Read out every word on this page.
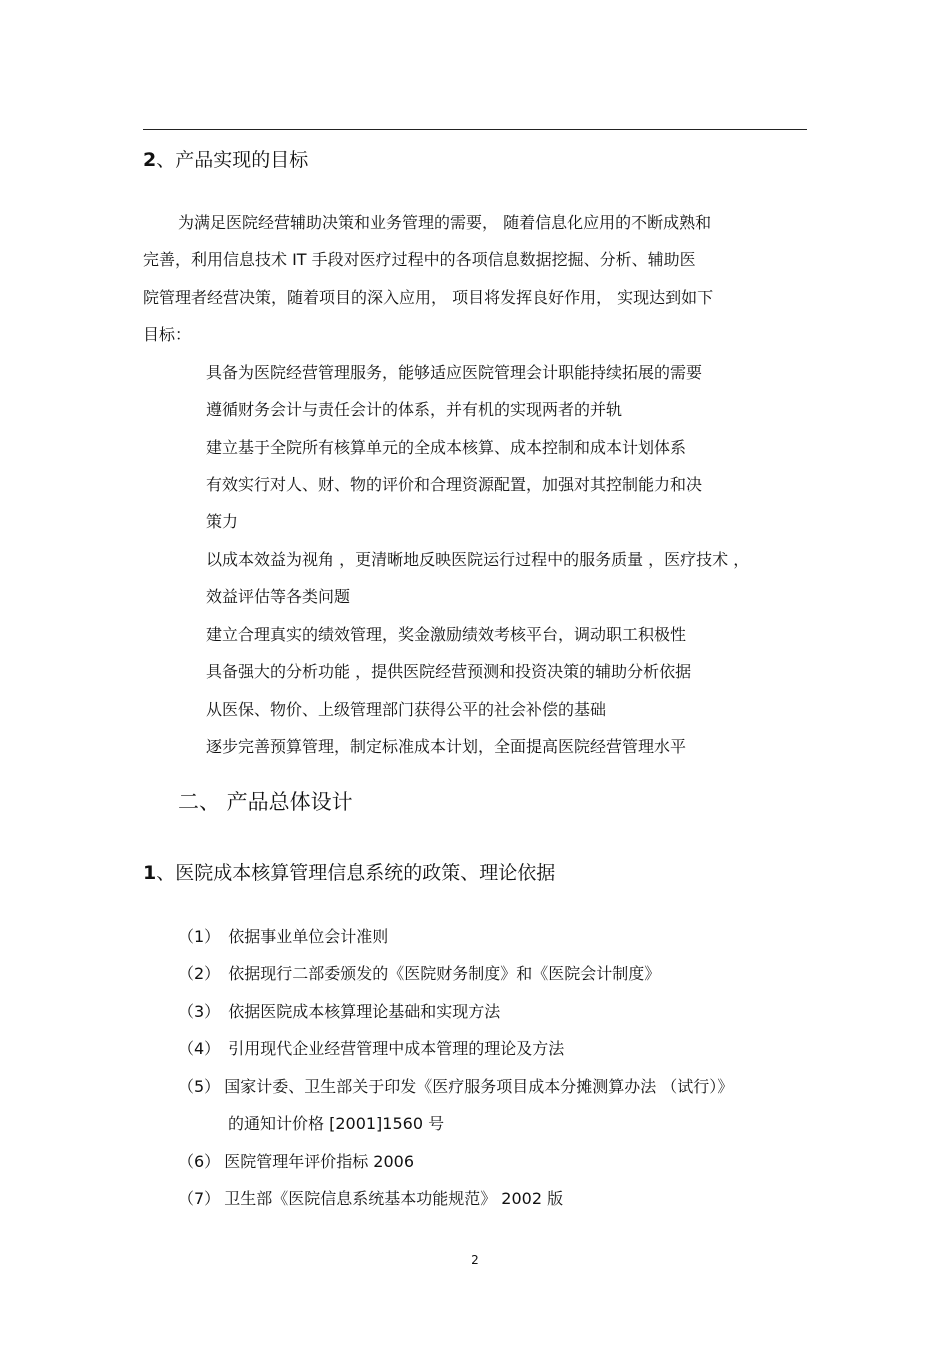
2、产品实现的目标
为满足医院经营辅助决策和业务管理的需要， 随着信息化应用的不断成熟和
完善，利用信息技术 IT 手段对医疗过程中的各项信息数据挖掘、分析、辅助医
院管理者经营决策，随着项目的深入应用， 项目将发挥良好作用， 实现达到如下
目标：
具备为医院经营管理服务，能够适应医院管理会计职能持续拓展的需要
遵循财务会计与责任会计的体系，并有机的实现两者的并轨
建立基于全院所有核算单元的全成本核算、成本控制和成本计划体系
有效实行对人、财、物的评价和合理资源配置，加强对其控制能力和决
策力
以成本效益为视角 ，更清晰地反映医院运行过程中的服务质量 ，医疗技术 ，
效益评估等各类问题
建立合理真实的绩效管理，奖金激励绩效考核平台，调动职工积极性
具备强大的分析功能 ，提供医院经营预测和投资决策的辅助分析依据
从医保、物价、上级管理部门获得公平的社会补偿的基础
逐步完善预算管理，制定标准成本计划，全面提高医院经营管理水平
二、 产品总体设计
1、医院成本核算管理信息系统的政策、理论依据
（1） 依据事业单位会计准则
（2） 依据现行二部委颁发的《医院财务制度》和《医院会计制度》
（3） 依据医院成本核算理论基础和实现方法
（4） 引用现代企业经营管理中成本管理的理论及方法
（5） 国家计委、卫生部关于印发《医疗服务项目成本分摊测算办法 （试行）》
的通知计价格 [2001]1560 号
（6） 医院管理年评价指标 2006
（7） 卫生部《医院信息系统基本功能规范》 2002 版
2
